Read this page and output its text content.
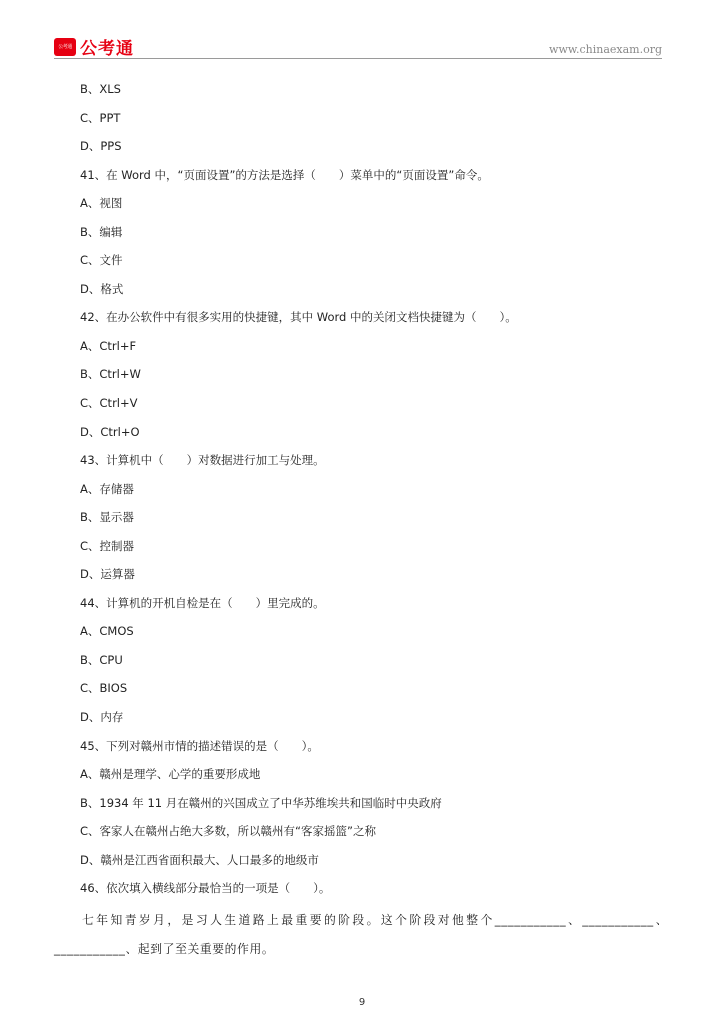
公考通 公考通	www.chinaexam.org
B、XLS
C、PPT
D、PPS
41、在 Word 中，“页面设置”的方法是选择（　　）菜单中的“页面设置”命令。
A、视图
B、编辑
C、文件
D、格式
42、在办公软件中有很多实用的快捷键，其中 Word 中的关闭文档快捷键为（　　）。
A、Ctrl+F
B、Ctrl+W
C、Ctrl+V
D、Ctrl+O
43、计算机中（　　）对数据进行加工与处理。
A、存储器
B、显示器
C、控制器
D、运算器
44、计算机的开机自检是在（　　）里完成的。
A、CMOS
B、CPU
C、BIOS
D、内存
45、下列对赣州市情的描述错误的是（　　）。
A、赣州是理学、心学的重要形成地
B、1934 年 11 月在赣州的兴国成立了中华苏维埃共和国临时中央政府
C、客家人在赣州占绝大多数，所以赣州有“客家摇篮”之称
D、赣州是江西省面积最大、人口最多的地级市
46、依次填入横线部分最恰当的一项是（　　）。
七年知青岁月，是习人生道路上最重要的阶段。这个阶段对他整个___________、___________、___________、起到了至关重要的作用。
9
